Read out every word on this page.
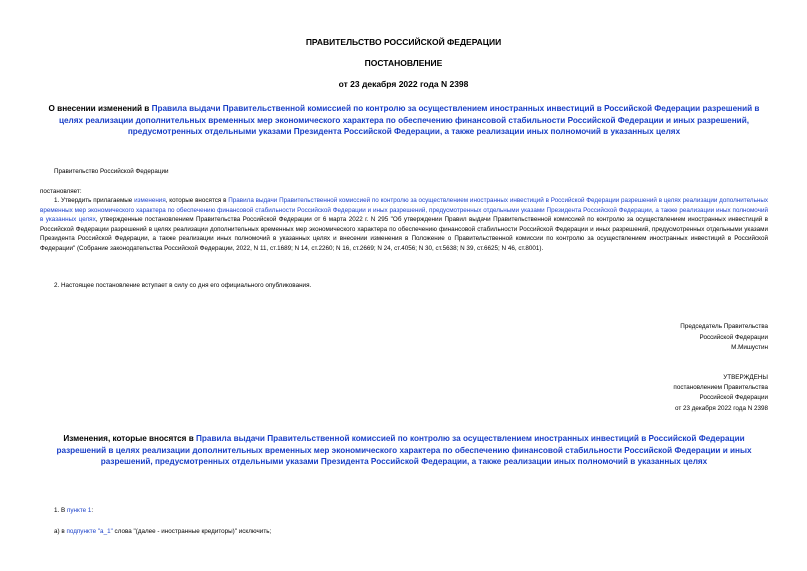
ПРАВИТЕЛЬСТВО РОССИЙСКОЙ ФЕДЕРАЦИИ
ПОСТАНОВЛЕНИЕ
от 23 декабря 2022 года N 2398
О внесении изменений в Правила выдачи Правительственной комиссией по контролю за осуществлением иностранных инвестиций в Российской Федерации разрешений в целях реализации дополнительных временных мер экономического характера по обеспечению финансовой стабильности Российской Федерации и иных разрешений, предусмотренных отдельными указами Президента Российской Федерации, а также реализации иных полномочий в указанных целях
Правительство Российской Федерации
постановляет:
1. Утвердить прилагаемые изменения, которые вносятся в Правила выдачи Правительственной комиссией по контролю за осуществлением иностранных инвестиций в Российской Федерации разрешений в целях реализации дополнительных временных мер экономического характера по обеспечению финансовой стабильности Российской Федерации и иных разрешений, предусмотренных отдельными указами Президента Российской Федерации, а также реализации иных полномочий в указанных целях, утвержденные постановлением Правительства Российской Федерации от 6 марта 2022 г. N 295 "Об утверждении Правил выдачи Правительственной комиссией по контролю за осуществлением иностранных инвестиций в Российской Федерации разрешений в целях реализации дополнительных временных мер экономического характера по обеспечению финансовой стабильности Российской Федерации и иных разрешений, предусмотренных отдельными указами Президента Российской Федерации, а также реализации иных полномочий в указанных целях и внесении изменения в Положение о Правительственной комиссии по контролю за осуществлением иностранных инвестиций в Российской Федерации" (Собрание законодательства Российской Федерации, 2022, N 11, ст.1689; N 14, ст.2260; N 16, ст.2669; N 24, ст.4056; N 30, ст.5638; N 39, ст.6625; N 46, ст.8001).
2. Настоящее постановление вступает в силу со дня его официального опубликования.
Председатель Правительства
Российской Федерации
М.Мишустин
УТВЕРЖДЕНЫ
постановлением Правительства
Российской Федерации
от 23 декабря 2022 года N 2398
Изменения, которые вносятся в Правила выдачи Правительственной комиссией по контролю за осуществлением иностранных инвестиций в Российской Федерации разрешений в целях реализации дополнительных временных мер экономического характера по обеспечению финансовой стабильности Российской Федерации и иных разрешений, предусмотренных отдельными указами Президента Российской Федерации, а также реализации иных полномочий в указанных целях
1. В пункте 1:
а) в подпункте "а_1" слова "(далее - иностранные кредиторы)" исключить;
